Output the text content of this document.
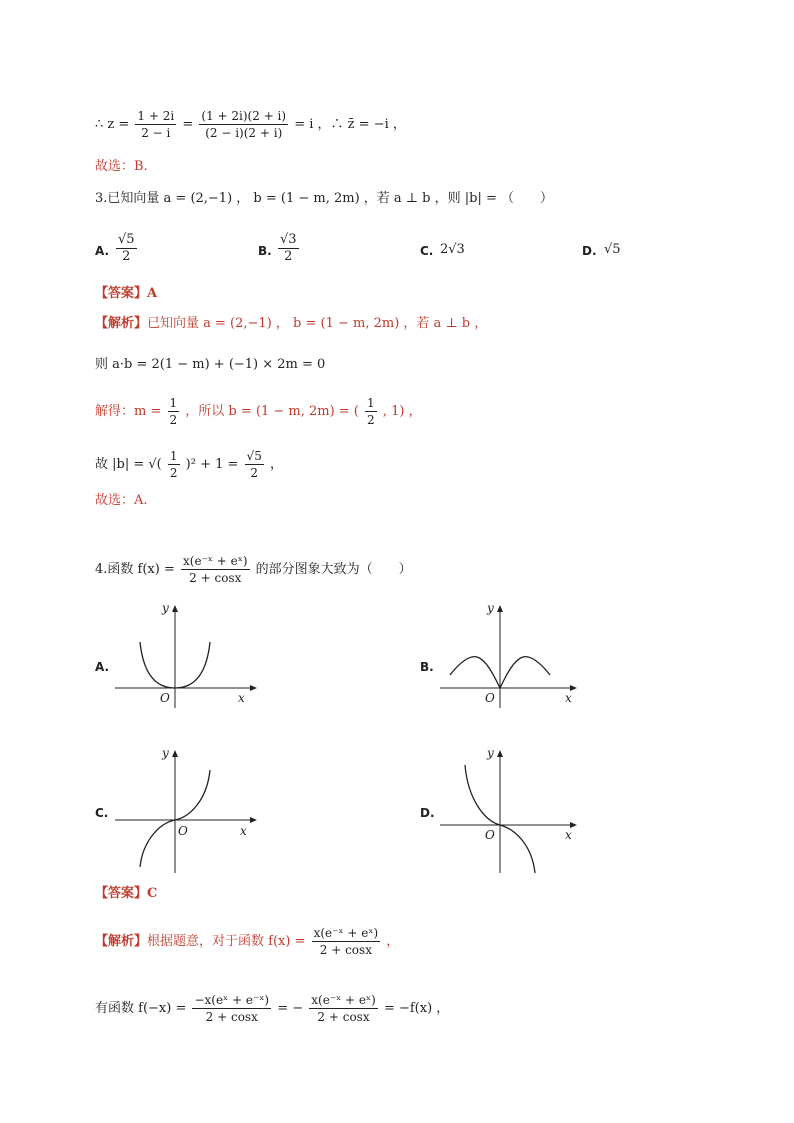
∴ $z = \frac{1 + 2i}{2 - i} = \frac{(1 + 2i)(2 + i)}{(2 - i)(2 + i)} = i$ ，∴ z̄ = −i ，
故选：B.
3.已知向量 a = (2,−1) ， b = (1 − m, 2m) ，若 a ⊥ b ，则 |b| = （　　）
A. $\frac{√5}{2}$	B. $\frac{√3}{2}$	C. 2√3	D. √5
【答案】A
【解析】已知向量 a = (2,−1) ， b = (1 − m, 2m) ，若 a ⊥ b ，
则 a·b = 2(1 − m) + (−1) × 2m = 0
解得：$m = \frac{1}{2}$ ，所以 b = (1 − m, 2m) = ( $\frac{1}{2}$ , 1) ，
故 |b| = √( $\frac{1}{2} )^2 + 1 = \frac{√5}{2}$ ，
故选：A.
4.函数 $f(x) = \frac{\text{x(e⁻ˣ + eˣ)}}{2 + \cos x}$ 的部分图象大致为（　　）
A.
x
y
O
B.
x
y
O
C.
x
y
O
D.
x
y
O
【答案】C
【解析】根据题意，对于函数 $f(x) = \frac{\text{x(e⁻ˣ + eˣ)}}{2 + \cos x}$ ，
有函数 $f(-x) = \frac{\text{−x(eˣ + e⁻ˣ)}}{2 + \cos x}$ = − $\frac{\text{x(e⁻ˣ + eˣ)}}{2 + \cos x} = -f(x)$ ，
